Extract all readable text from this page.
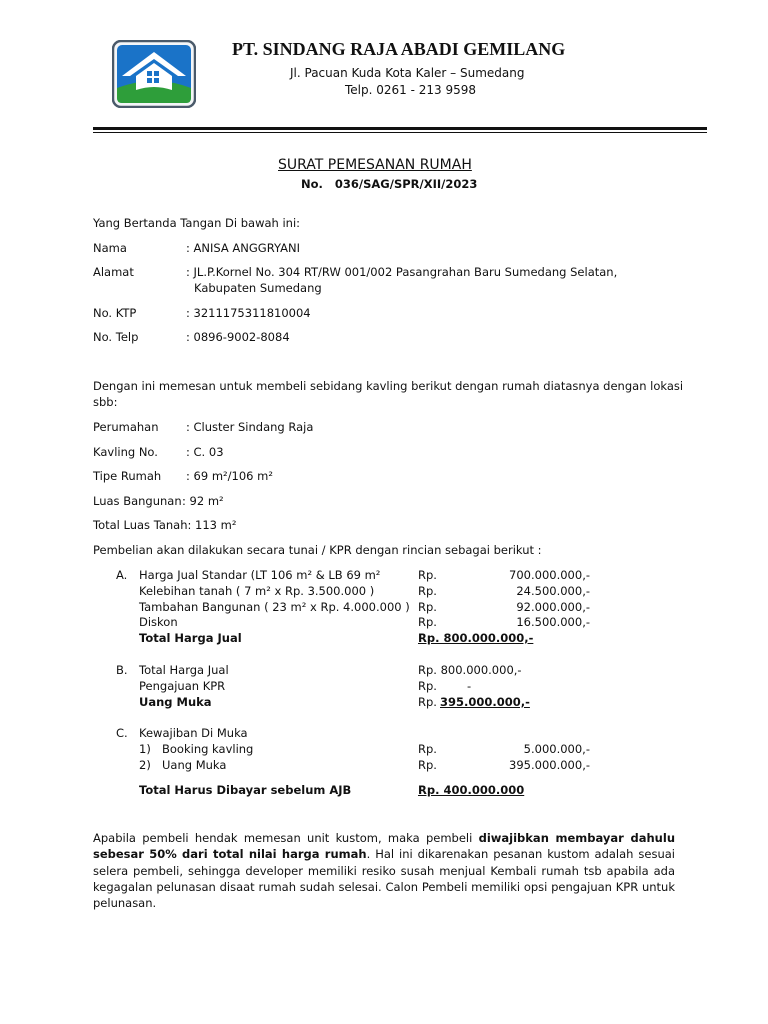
PT. SINDANG RAJA ABADI GEMILANG
Jl. Pacuan Kuda Kota Kaler – Sumedang
Telp. 0261 - 213 9598
SURAT PEMESANAN RUMAH
No. 036/SAG/SPR/XII/2023
Yang Bertanda Tangan Di bawah ini:
Nama	: ANISA ANGGRYANI
Alamat	: JL.P.Kornel No. 304 RT/RW 001/002 Pasangrahan Baru Sumedang Selatan,
Kabupaten Sumedang
No. KTP	: 3211175311810004
No. Telp	: 0896-9002-8084
Dengan ini memesan untuk membeli sebidang kavling berikut dengan rumah diatasnya dengan lokasi
sbb:
Perumahan : Cluster Sindang Raja
Kavling No. : C. 03
Tipe Rumah : 69 m²/106 m²
Luas Bangunan : 92 m²
Total Luas Tanah: 113 m²
Pembelian akan dilakukan secara tunai / KPR dengan rincian sebagai berikut :
A. Harga Jual Standar (LT 106 m² & LB 69 m²	Rp.	700.000.000,-
Kelebihan tanah ( 7 m² x Rp. 3.500.000 )	Rp.	24.500.000,-
Tambahan Bangunan ( 23 m² x Rp. 4.000.000 ) Rp.	92.000.000,-
Diskon	Rp.	16.500.000,-
Total Harga Jual	Rp. 800.000.000,-
B. Total Harga Jual	Rp. 800.000.000,-
Pengajuan KPR	Rp.	-
Uang Muka	Rp. 395.000.000,-
C. Kewajiban Di Muka
1) Booking kavling	Rp.	5.000.000,-
2) Uang Muka	Rp.	395.000.000,-
Total Harus Dibayar sebelum AJB	Rp. 400.000.000
Apabila pembeli hendak memesan unit kustom, maka pembeli diwajibkan membayar dahulu sebesar 50% dari total nilai harga rumah. Hal ini dikarenakan pesanan kustom adalah sesuai selera pembeli, sehingga developer memiliki resiko susah menjual Kembali rumah tsb apabila ada kegagalan pelunasan disaat rumah sudah selesai. Calon Pembeli memiliki opsi pengajuan KPR untuk pelunasan.
